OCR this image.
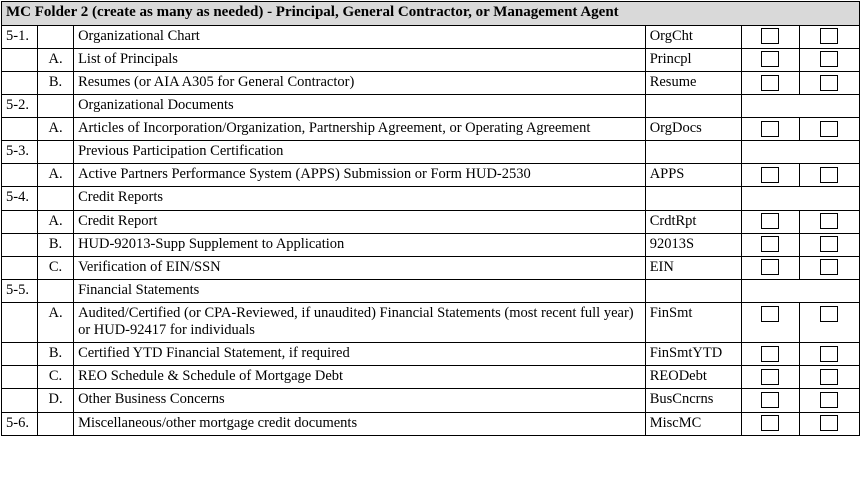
MC Folder 2 (create as many as needed) - Principal, General Contractor, or Management Agent					
5-1.		Organizational Chart	OrgCht		
	A.	List of Principals	Princpl		
	B.	Resumes (or AIA A305 for General Contractor)	Resume		
5-2.		Organizational Documents			
	A.	Articles of Incorporation/Organization, Partnership Agreement, or Operating Agreement	OrgDocs		
5-3.		Previous Participation Certification			
	A.	Active Partners Performance System (APPS) Submission or Form HUD-2530	APPS		
5-4.		Credit Reports			
	A.	Credit Report	CrdtRpt		
	B.	HUD-92013-Supp Supplement to Application	92013S		
	C.	Verification of EIN/SSN	EIN		
5-5.		Financial Statements			
	A.	Audited/Certified (or CPA-Reviewed, if unaudited) Financial Statements (most recent full year) or HUD-92417 for individuals	FinSmt		
	B.	Certified YTD Financial Statement, if required	FinSmtYTD		
	C.	REO Schedule & Schedule of Mortgage Debt	REODebt		
	D.	Other Business Concerns	BusCncrns		
5-6.		Miscellaneous/other mortgage credit documents	MiscMC		
